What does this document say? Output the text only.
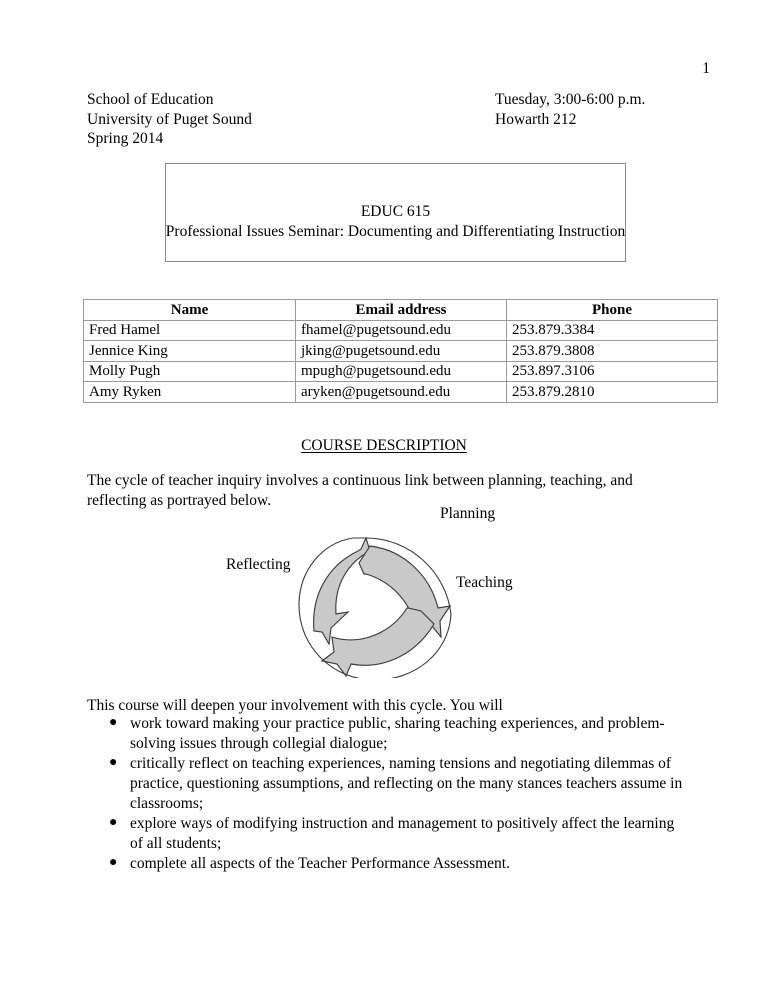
1
School of Education	Tuesday, 3:00-6:00 p.m.
University of Puget Sound	Howarth 212
Spring 2014
EDUC 615
Professional Issues Seminar: Documenting and Differentiating Instruction
Name	Email address	Phone
Fred Hamel	fhamel@pugetsound.edu	253.879.3384
Jennice King	jking@pugetsound.edu	253.879.3808
Molly Pugh	mpugh@pugetsound.edu	253.897.3106
Amy Ryken	aryken@pugetsound.edu	253.879.2810
COURSE DESCRIPTION
The cycle of teacher inquiry involves a continuous link between planning, teaching, and reflecting as portrayed below.
Planning
Reflecting
Teaching
This course will deepen your involvement with this cycle. You will
● work toward making your practice public, sharing teaching experiences, and problem-solving issues through collegial dialogue;
● critically reflect on teaching experiences, naming tensions and negotiating dilemmas of practice, questioning assumptions, and reflecting on the many stances teachers assume in classrooms;
● explore ways of modifying instruction and management to positively affect the learning of all students;
● complete all aspects of the Teacher Performance Assessment.
